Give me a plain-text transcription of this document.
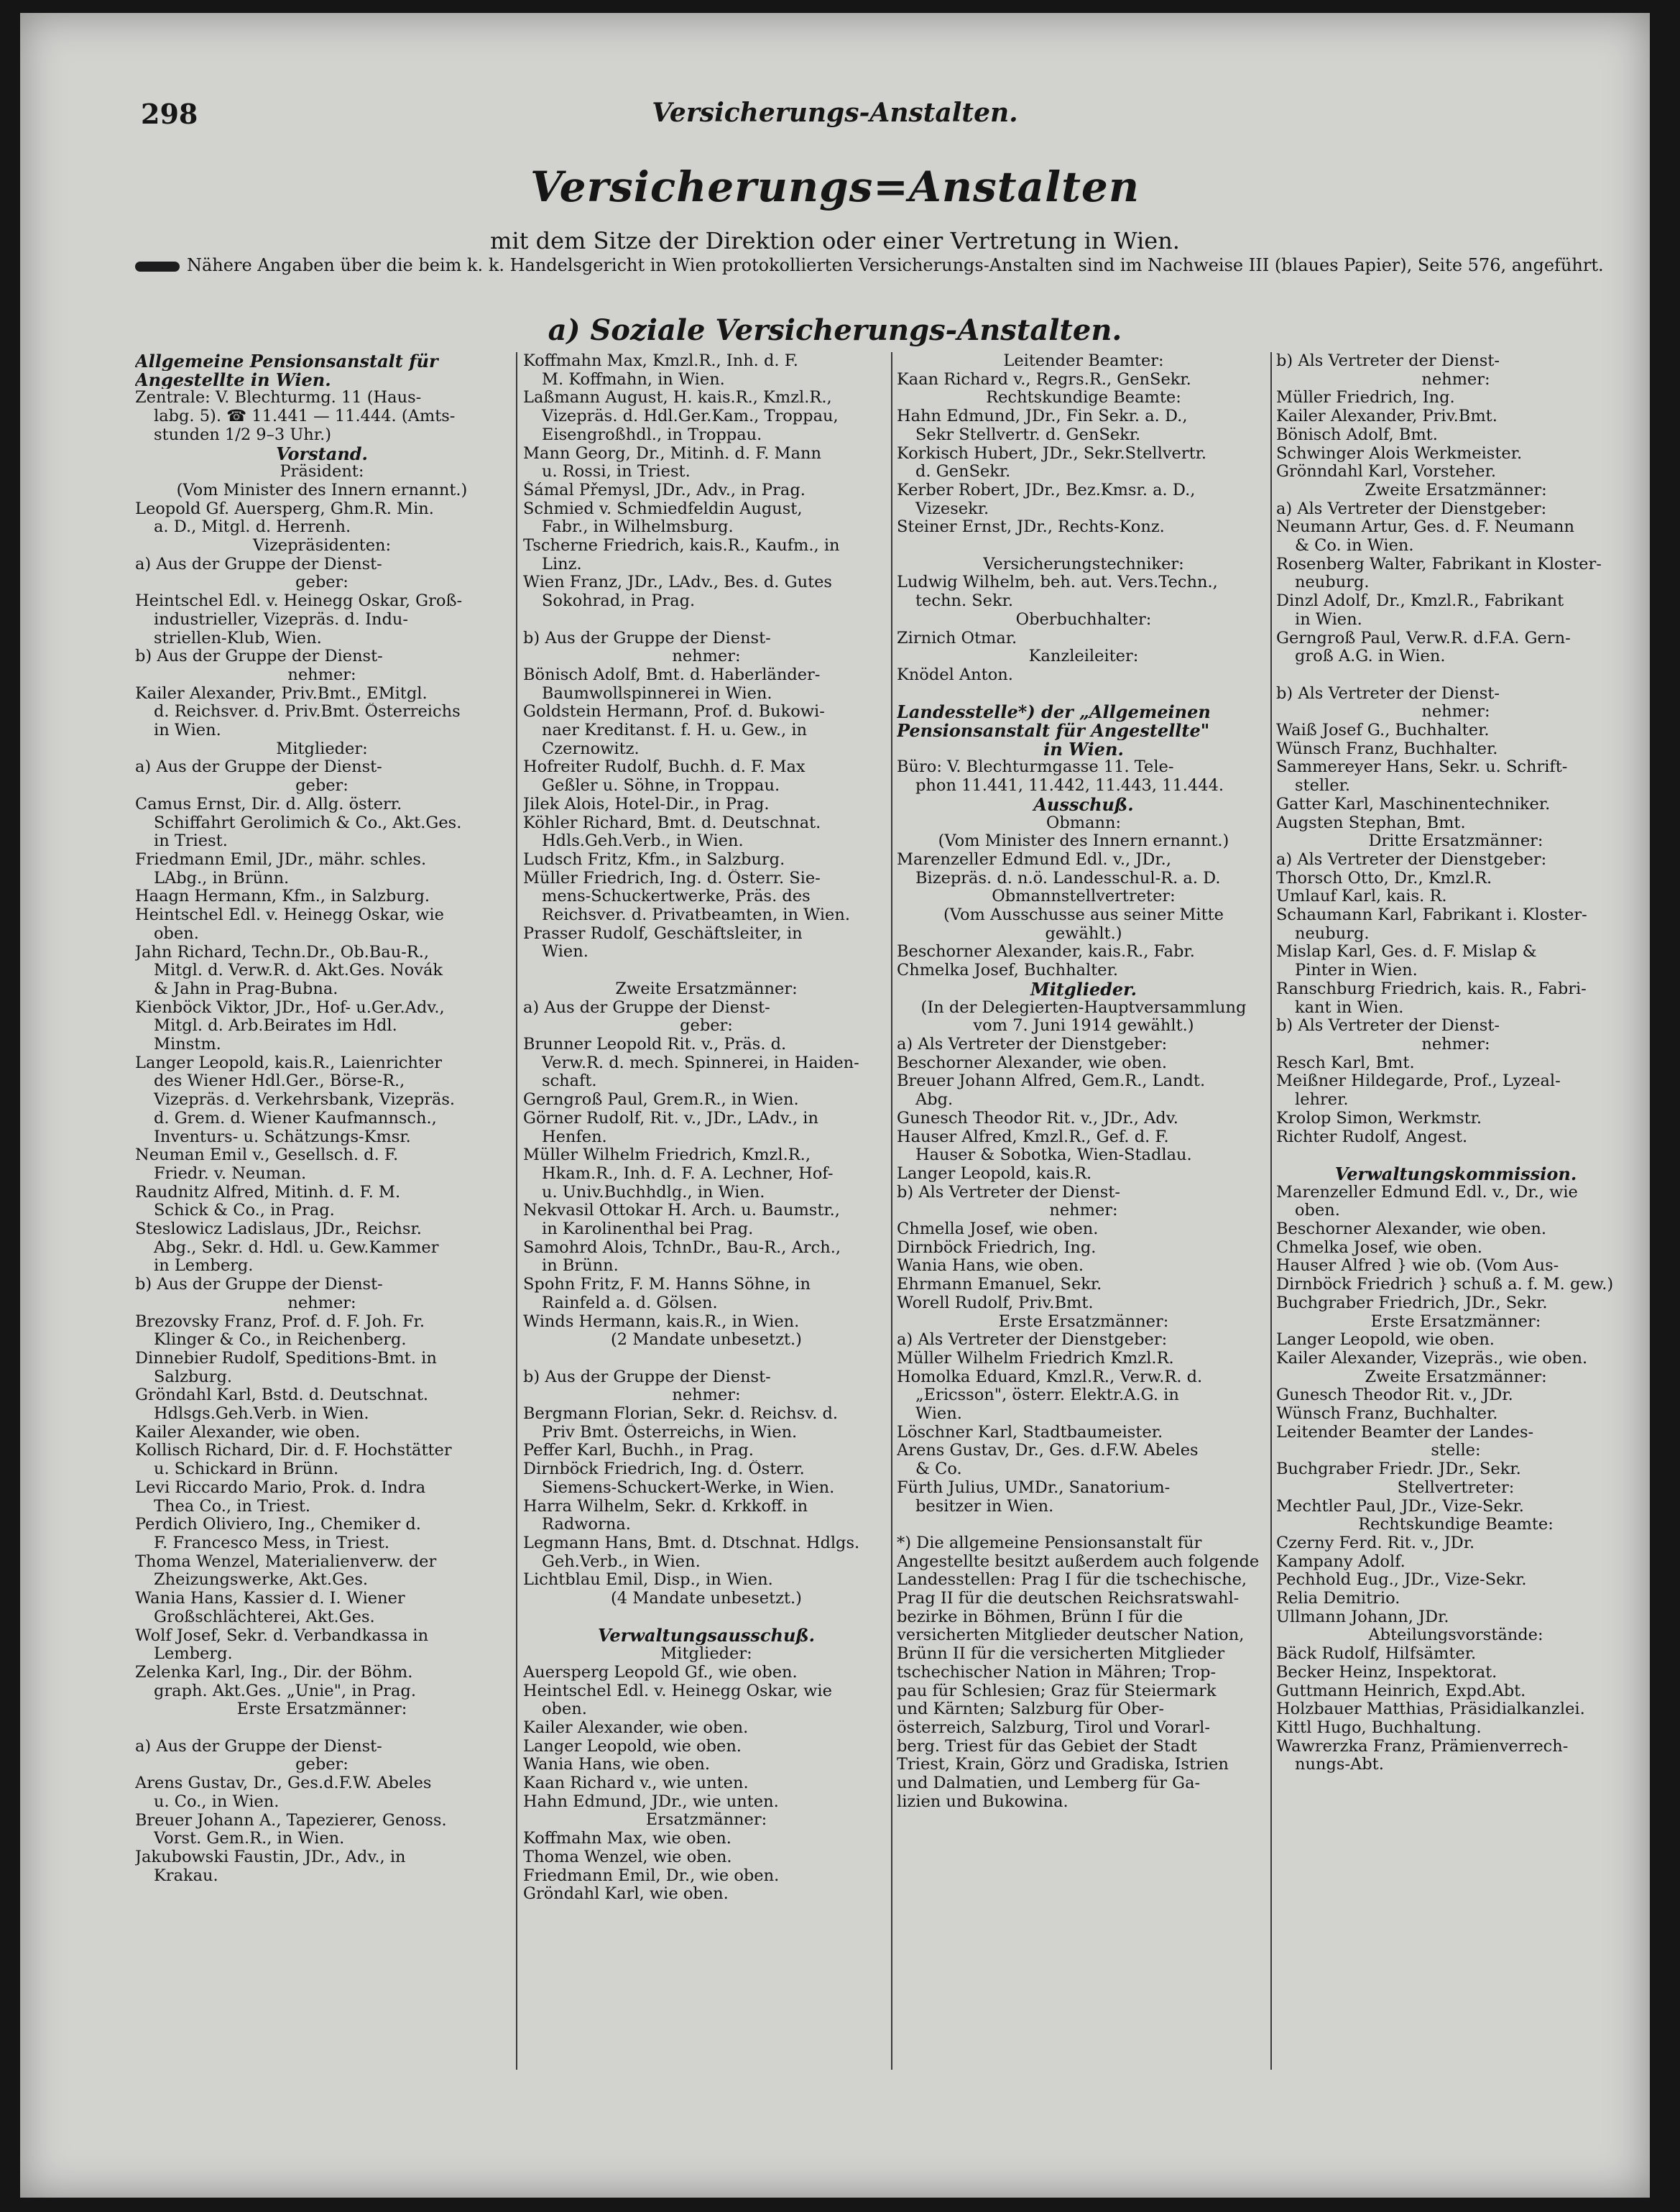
298	Versicherungs-Anstalten.
Versicherungs=Anstalten
mit dem Sitze der Direktion oder einer Vertretung in Wien.
Nähere Angaben über die beim k. k. Handelsgericht in Wien protokollierten Versicherungs-Anstalten sind im Nachweise III (blaues Papier), Seite 576, angeführt.
a) Soziale Versicherungs-Anstalten.
Allgemeine Pensionsanstalt für
Angestellte in Wien.
Zentrale: V. Blechturmg. 11 (Haus-
labg. 5). ☎ 11.441 — 11.444. (Amts-
stunden 1/2 9–3 Uhr.)
Vorstand.
Präsident:
(Vom Minister des Innern ernannt.)
Leopold Gf. Auersperg, Ghm.R. Min.
a. D., Mitgl. d. Herrenh.
Vizepräsidenten:
a) Aus der Gruppe der Dienst-
geber:
Heintschel Edl. v. Heinegg Oskar, Groß-
industrieller, Vizepräs. d. Indu-
striellen-Klub, Wien.
b) Aus der Gruppe der Dienst-
nehmer:
Kailer Alexander, Priv.Bmt., EMitgl.
d. Reichsver. d. Priv.Bmt. Österreichs
in Wien.
Mitglieder:
a) Aus der Gruppe der Dienst-
geber:
Camus Ernst, Dir. d. Allg. österr.
Schiffahrt Gerolimich & Co., Akt.Ges.
in Triest.
Friedmann Emil, JDr., mähr. schles.
LAbg., in Brünn.
Haagn Hermann, Kfm., in Salzburg.
Heintschel Edl. v. Heinegg Oskar, wie
oben.
Jahn Richard, Techn.Dr., Ob.Bau-R.,
Mitgl. d. Verw.R. d. Akt.Ges. Novák
& Jahn in Prag-Bubna.
Kienböck Viktor, JDr., Hof- u.Ger.Adv.,
Mitgl. d. Arb.Beirates im Hdl.
Minstm.
Langer Leopold, kais.R., Laienrichter
des Wiener Hdl.Ger., Börse-R.,
Vizepräs. d. Verkehrsbank, Vizepräs.
d. Grem. d. Wiener Kaufmannsch.,
Inventurs- u. Schätzungs-Kmsr.
Neuman Emil v., Gesellsch. d. F.
Friedr. v. Neuman.
Raudnitz Alfred, Mitinh. d. F. M.
Schick & Co., in Prag.
Steslowicz Ladislaus, JDr., Reichsr.
Abg., Sekr. d. Hdl. u. Gew.Kammer
in Lemberg.
b) Aus der Gruppe der Dienst-
nehmer:
Brezovsky Franz, Prof. d. F. Joh. Fr.
Klinger & Co., in Reichenberg.
Dinnebier Rudolf, Speditions-Bmt. in
Salzburg.
Gröndahl Karl, Bstd. d. Deutschnat.
Hdlsgs.Geh.Verb. in Wien.
Kailer Alexander, wie oben.
Kollisch Richard, Dir. d. F. Hochstätter
u. Schickard in Brünn.
Levi Riccardo Mario, Prok. d. Indra
Thea Co., in Triest.
Perdich Oliviero, Ing., Chemiker d.
F. Francesco Mess, in Triest.
Thoma Wenzel, Materialienverw. der
Zheizungswerke, Akt.Ges.
Wania Hans, Kassier d. I. Wiener
Großschlächterei, Akt.Ges.
Wolf Josef, Sekr. d. Verbandkassa in
Lemberg.
Zelenka Karl, Ing., Dir. der Böhm.
graph. Akt.Ges. „Unie", in Prag.
Erste Ersatzmänner:
a) Aus der Gruppe der Dienst-
geber:
Arens Gustav, Dr., Ges.d.F.W. Abeles
u. Co., in Wien.
Breuer Johann A., Tapezierer, Genoss.
Vorst. Gem.R., in Wien.
Jakubowski Faustin, JDr., Adv., in
Krakau.
Koffmahn Max, Kmzl.R., Inh. d. F.
M. Koffmahn, in Wien.
Laßmann August, H. kais.R., Kmzl.R.,
Vizepräs. d. Hdl.Ger.Kam., Troppau,
Eisengroßhdl., in Troppau.
Mann Georg, Dr., Mitinh. d. F. Mann
u. Rossi, in Triest.
Šámal Přemysl, JDr., Adv., in Prag.
Schmied v. Schmiedfeldin August,
Fabr., in Wilhelmsburg.
Tscherne Friedrich, kais.R., Kaufm., in
Linz.
Wien Franz, JDr., LAdv., Bes. d. Gutes
Sokohrad, in Prag.
b) Aus der Gruppe der Dienst-
nehmer:
Bönisch Adolf, Bmt. d. Haberländer-
Baumwollspinnerei in Wien.
Goldstein Hermann, Prof. d. Bukowi-
naer Kreditanst. f. H. u. Gew., in
Czernowitz.
Hofreiter Rudolf, Buchh. d. F. Max
Geßler u. Söhne, in Troppau.
Jilek Alois, Hotel-Dir., in Prag.
Köhler Richard, Bmt. d. Deutschnat.
Hdls.Geh.Verb., in Wien.
Ludsch Fritz, Kfm., in Salzburg.
Müller Friedrich, Ing. d. Österr. Sie-
mens-Schuckertwerke, Präs. des
Reichsver. d. Privatbeamten, in Wien.
Prasser Rudolf, Geschäftsleiter, in
Wien.
Zweite Ersatzmänner:
a) Aus der Gruppe der Dienst-
geber:
Brunner Leopold Rit. v., Präs. d.
Verw.R. d. mech. Spinnerei, in Haiden-
schaft.
Gerngroß Paul, Grem.R., in Wien.
Görner Rudolf, Rit. v., JDr., LAdv., in
Henfen.
Müller Wilhelm Friedrich, Kmzl.R.,
Hkam.R., Inh. d. F. A. Lechner, Hof-
u. Univ.Buchhdlg., in Wien.
Nekvasil Ottokar H. Arch. u. Baumstr.,
in Karolinenthal bei Prag.
Samohrd Alois, TchnDr., Bau-R., Arch.,
in Brünn.
Spohn Fritz, F. M. Hanns Söhne, in
Rainfeld a. d. Gölsen.
Winds Hermann, kais.R., in Wien.
(2 Mandate unbesetzt.)
b) Aus der Gruppe der Dienst-
nehmer:
Bergmann Florian, Sekr. d. Reichsv. d.
Priv Bmt. Österreichs, in Wien.
Peffer Karl, Buchh., in Prag.
Dirnböck Friedrich, Ing. d. Österr.
Siemens-Schuckert-Werke, in Wien.
Harra Wilhelm, Sekr. d. Krkkoff. in
Radworna.
Legmann Hans, Bmt. d. Dtschnat. Hdlgs.
Geh.Verb., in Wien.
Lichtblau Emil, Disp., in Wien.
(4 Mandate unbesetzt.)
Verwaltungsausschuß.
Mitglieder:
Auersperg Leopold Gf., wie oben.
Heintschel Edl. v. Heinegg Oskar, wie
oben.
Kailer Alexander, wie oben.
Langer Leopold, wie oben.
Wania Hans, wie oben.
Kaan Richard v., wie unten.
Hahn Edmund, JDr., wie unten.
Ersatzmänner:
Koffmahn Max, wie oben.
Thoma Wenzel, wie oben.
Friedmann Emil, Dr., wie oben.
Gröndahl Karl, wie oben.
Leitender Beamter:
Kaan Richard v., Regrs.R., GenSekr.
Rechtskundige Beamte:
Hahn Edmund, JDr., Fin Sekr. a. D.,
Sekr Stellvertr. d. GenSekr.
Korkisch Hubert, JDr., Sekr.Stellvertr.
d. GenSekr.
Kerber Robert, JDr., Bez.Kmsr. a. D.,
Vizesekr.
Steiner Ernst, JDr., Rechts-Konz.
Versicherungstechniker:
Ludwig Wilhelm, beh. aut. Vers.Techn.,
techn. Sekr.
Oberbuchhalter:
Zirnich Otmar.
Kanzleileiter:
Knödel Anton.
Landesstelle*) der „Allgemeinen
Pensionsanstalt für Angestellte"
in Wien.
Büro: V. Blechturmgasse 11. Tele-
phon 11.441, 11.442, 11.443, 11.444.
Ausschuß.
Obmann:
(Vom Minister des Innern ernannt.)
Marenzeller Edmund Edl. v., JDr.,
Bizepräs. d. n.ö. Landesschul-R. a. D.
Obmannstellvertreter:
(Vom Ausschusse aus seiner Mitte
gewählt.)
Beschorner Alexander, kais.R., Fabr.
Chmelka Josef, Buchhalter.
Mitglieder.
(In der Delegierten-Hauptversammlung
vom 7. Juni 1914 gewählt.)
a) Als Vertreter der Dienstgeber:
Beschorner Alexander, wie oben.
Breuer Johann Alfred, Gem.R., Landt.
Abg.
Gunesch Theodor Rit. v., JDr., Adv.
Hauser Alfred, Kmzl.R., Gef. d. F.
Hauser & Sobotka, Wien-Stadlau.
Langer Leopold, kais.R.
b) Als Vertreter der Dienst-
nehmer:
Chmella Josef, wie oben.
Dirnböck Friedrich, Ing.
Wania Hans, wie oben.
Ehrmann Emanuel, Sekr.
Worell Rudolf, Priv.Bmt.
Erste Ersatzmänner:
a) Als Vertreter der Dienstgeber:
Müller Wilhelm Friedrich Kmzl.R.
Homolka Eduard, Kmzl.R., Verw.R. d.
„Ericsson", österr. Elektr.A.G. in
Wien.
Löschner Karl, Stadtbaumeister.
Arens Gustav, Dr., Ges. d.F.W. Abeles
& Co.
Fürth Julius, UMDr., Sanatorium-
besitzer in Wien.
*) Die allgemeine Pensionsanstalt für
Angestellte besitzt außerdem auch folgende
Landesstellen: Prag I für die tschechische,
Prag II für die deutschen Reichsratswahl-
bezirke in Böhmen, Brünn I für die
versicherten Mitglieder deutscher Nation,
Brünn II für die versicherten Mitglieder
tschechischer Nation in Mähren; Trop-
pau für Schlesien; Graz für Steiermark
und Kärnten; Salzburg für Ober-
österreich, Salzburg, Tirol und Vorarl-
berg. Triest für das Gebiet der Stadt
Triest, Krain, Görz und Gradiska, Istrien
und Dalmatien, und Lemberg für Ga-
lizien und Bukowina.
b) Als Vertreter der Dienst-
nehmer:
Müller Friedrich, Ing.
Kailer Alexander, Priv.Bmt.
Bönisch Adolf, Bmt.
Schwinger Alois Werkmeister.
Grönndahl Karl, Vorsteher.
Zweite Ersatzmänner:
a) Als Vertreter der Dienstgeber:
Neumann Artur, Ges. d. F. Neumann
& Co. in Wien.
Rosenberg Walter, Fabrikant in Kloster-
neuburg.
Dinzl Adolf, Dr., Kmzl.R., Fabrikant
in Wien.
Gerngroß Paul, Verw.R. d.F.A. Gern-
groß A.G. in Wien.
b) Als Vertreter der Dienst-
nehmer:
Waiß Josef G., Buchhalter.
Wünsch Franz, Buchhalter.
Sammereyer Hans, Sekr. u. Schrift-
steller.
Gatter Karl, Maschinentechniker.
Augsten Stephan, Bmt.
Dritte Ersatzmänner:
a) Als Vertreter der Dienstgeber:
Thorsch Otto, Dr., Kmzl.R.
Umlauf Karl, kais. R.
Schaumann Karl, Fabrikant i. Kloster-
neuburg.
Mislap Karl, Ges. d. F. Mislap &
Pinter in Wien.
Ranschburg Friedrich, kais. R., Fabri-
kant in Wien.
b) Als Vertreter der Dienst-
nehmer:
Resch Karl, Bmt.
Meißner Hildegarde, Prof., Lyzeal-
lehrer.
Krolop Simon, Werkmstr.
Richter Rudolf, Angest.
Verwaltungskommission.
Marenzeller Edmund Edl. v., Dr., wie
oben.
Beschorner Alexander, wie oben.
Chmelka Josef, wie oben.
Hauser Alfred } wie ob. (Vom Aus-
Dirnböck Friedrich } schuß a. f. M. gew.)
Buchgraber Friedrich, JDr., Sekr.
Erste Ersatzmänner:
Langer Leopold, wie oben.
Kailer Alexander, Vizepräs., wie oben.
Zweite Ersatzmänner:
Gunesch Theodor Rit. v., JDr.
Wünsch Franz, Buchhalter.
Leitender Beamter der Landes-
stelle:
Buchgraber Friedr. JDr., Sekr.
Stellvertreter:
Mechtler Paul, JDr., Vize-Sekr.
Rechtskundige Beamte:
Czerny Ferd. Rit. v., JDr.
Kampany Adolf.
Pechhold Eug., JDr., Vize-Sekr.
Relia Demitrio.
Ullmann Johann, JDr.
Abteilungsvorstände:
Bäck Rudolf, Hilfsämter.
Becker Heinz, Inspektorat.
Guttmann Heinrich, Expd.Abt.
Holzbauer Matthias, Präsidialkanzlei.
Kittl Hugo, Buchhaltung.
Wawrerzka Franz, Prämienverrech-
nungs-Abt.
